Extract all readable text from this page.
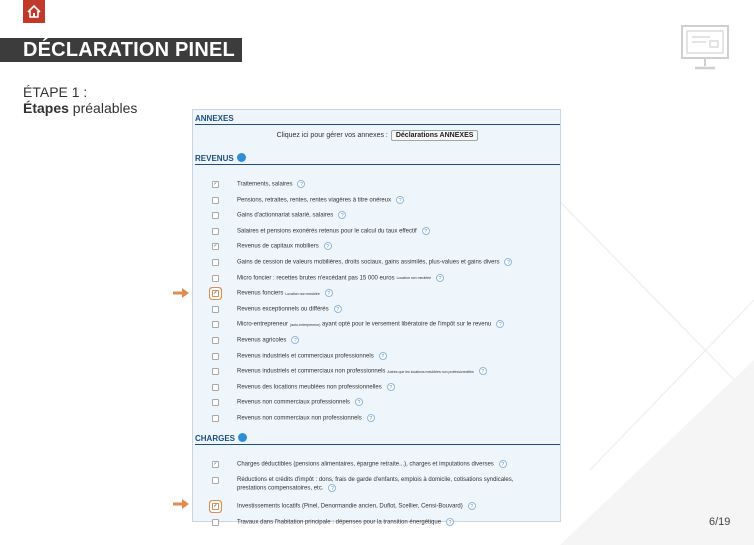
DÉCLARATION PINEL
ÉTAPE 1 :
Étapes préalables
ANNEXES
Cliquez ici pour gérer vos annexes : Déclarations ANNEXES
REVENUS
✓	Traitements, salaires ?
Pensions, retraites, rentes, rentes viagères à titre onéreux ?
Gains d'actionnariat salarié, salaires ?
Salaires et pensions exonérés retenus pour le calcul du taux effectif ?
✓	Revenus de capitaux mobiliers ?
Gains de cession de valeurs mobilières, droits sociaux, gains assimilés, plus-values et gains divers ?
Micro foncier : recettes brutes n'excédant pas 15 000 euros Location non meublée ?
✓	Revenus fonciers Location non meublée ?
Revenus exceptionnels ou différés ?
Micro-entrepreneur (auto-entrepreneur) ayant opté pour le versement libératoire de l'impôt sur le revenu ?
Revenus agricoles ?
Revenus industriels et commerciaux professionnels ?
Revenus industriels et commerciaux non professionnels Autres que les locations meublées non professionnelles ?
Revenus des locations meublées non professionnelles ?
Revenus non commerciaux professionnels ?
Revenus non commerciaux non professionnels ?
CHARGES
✓	Charges déductibles (pensions alimentaires, épargne retraite...), charges et imputations diverses ?
Réductions et crédits d'impôt : dons, frais de garde d'enfants, emplois à domicile, cotisations syndicales,
prestations compensatoires, etc. ?
✓	Investissements locatifs (Pinel, Denormandie ancien, Duflot, Scellier, Censi-Bouvard) ?
Travaux dans l'habitation principale : dépenses pour la transition énergétique ?	6/19
